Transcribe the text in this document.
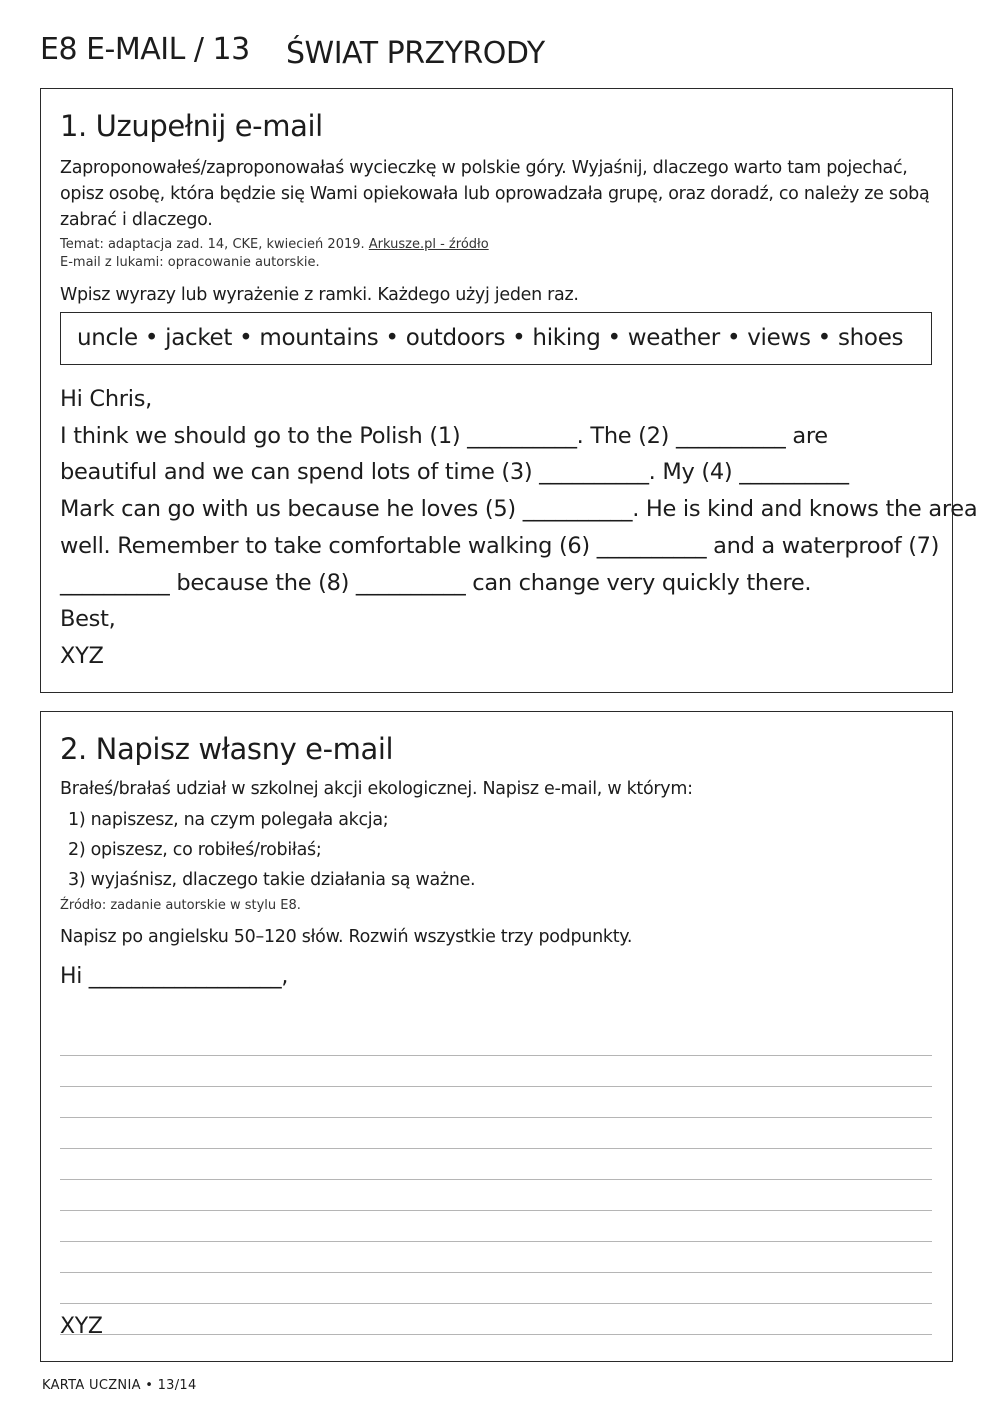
E8 E-MAIL / 13 ŚWIAT PRZYRODY
1. Uzupełnij e-mail
Zaproponowałeś/zaproponowałaś wycieczkę w polskie góry. Wyjaśnij, dlaczego warto tam pojechać, opisz osobę, która będzie się Wami opiekowała lub oprowadzała grupę, oraz doradź, co należy ze sobą zabrać i dlaczego.
Temat: adaptacja zad. 14, CKE, kwiecień 2019. Arkusze.pl - źródło
E-mail z lukami: opracowanie autorskie.
Wpisz wyrazy lub wyrażenie z ramki. Każdego użyj jeden raz.
uncle • jacket • mountains • outdoors • hiking • weather • views • shoes
Hi Chris,
I think we should go to the Polish (1) __________. The (2) __________ are
beautiful and we can spend lots of time (3) __________. My (4) __________
Mark can go with us because he loves (5) __________. He is kind and knows the area
well. Remember to take comfortable walking (6) __________ and a waterproof (7)
__________ because the (8) __________ can change very quickly there.
Best,
XYZ
2. Napisz własny e-mail
Brałeś/brałaś udział w szkolnej akcji ekologicznej. Napisz e-mail, w którym:
1) napiszesz, na czym polegała akcja;
2) opiszesz, co robiłeś/robiłaś;
3) wyjaśnisz, dlaczego takie działania są ważne.
Źródło: zadanie autorskie w stylu E8.
Napisz po angielsku 50–120 słów. Rozwiń wszystkie trzy podpunkty.
Hi __________________,
XYZ
KARTA UCZNIA • 13/14
